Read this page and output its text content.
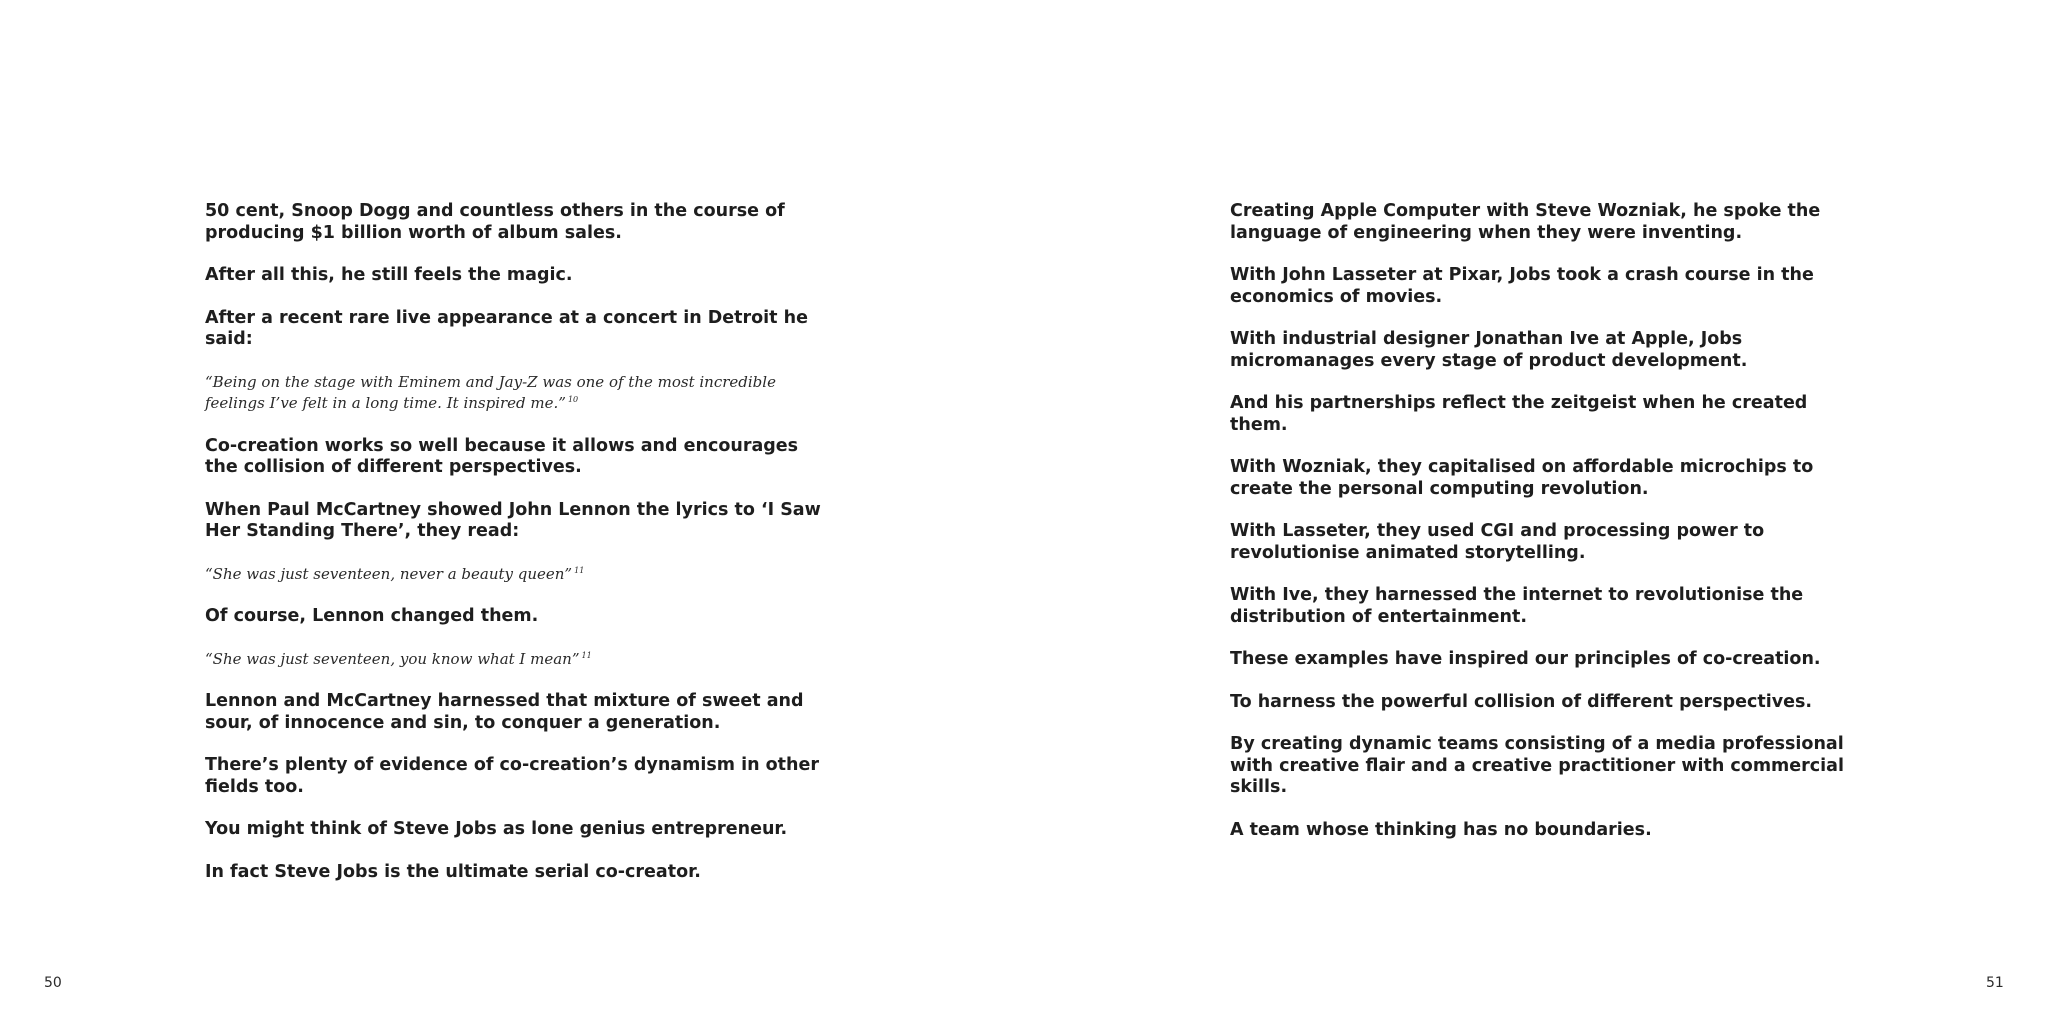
50 cent, Snoop Dogg and countless others in the course of producing $1 billion worth of album sales.

After all this, he still feels the magic.

After a recent rare live appearance at a concert in Detroit he said:

“Being on the stage with Eminem and Jay-Z was one of the most incredible feelings I’ve felt in a long time. It inspired me.” $^{10}$

Co-creation works so well because it allows and encourages the collision of different perspectives.

When Paul McCartney showed John Lennon the lyrics to ‘I Saw Her Standing There’, they read:

“She was just seventeen, never a beauty queen” $^{11}$

Of course, Lennon changed them.

“She was just seventeen, you know what I mean” $^{11}$

Lennon and McCartney harnessed that mixture of sweet and sour, of innocence and sin, to conquer a generation.

There’s plenty of evidence of co-creation’s dynamism in other fields too.

You might think of Steve Jobs as lone genius entrepreneur.

In fact Steve Jobs is the ultimate serial co-creator.

Creating Apple Computer with Steve Wozniak, he spoke the language of engineering when they were inventing.

With John Lasseter at Pixar, Jobs took a crash course in the economics of movies.

With industrial designer Jonathan Ive at Apple, Jobs micromanages every stage of product development.

And his partnerships reflect the zeitgeist when he created them.

With Wozniak, they capitalised on affordable microchips to create the personal computing revolution.

With Lasseter, they used CGI and processing power to revolutionise animated storytelling.

With Ive, they harnessed the internet to revolutionise the distribution of entertainment.

These examples have inspired our principles of co-creation.

To harness the powerful collision of different perspectives.

By creating dynamic teams consisting of a media professional with creative flair and a creative practitioner with commercial skills.

A team whose thinking has no boundaries.

50	51
